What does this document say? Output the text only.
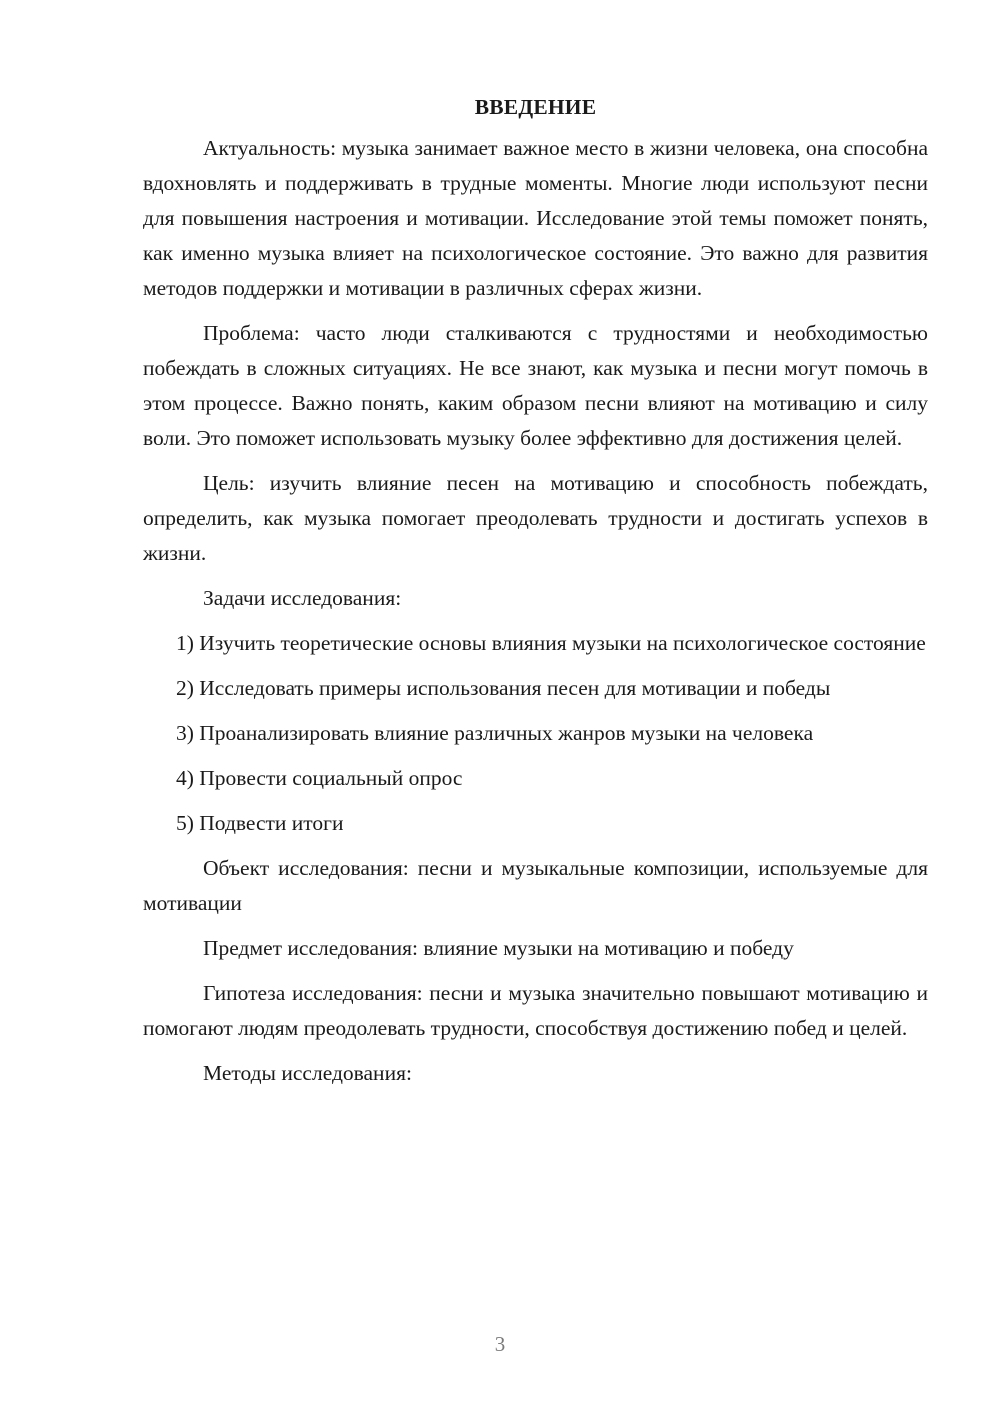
ВВЕДЕНИЕ

Актуальность: музыка занимает важное место в жизни человека, она способна вдохновлять и поддерживать в трудные моменты. Многие люди используют песни для повышения настроения и мотивации. Исследование этой темы поможет понять, как именно музыка влияет на психологическое состояние. Это важно для развития методов поддержки и мотивации в различных сферах жизни.

Проблема: часто люди сталкиваются с трудностями и необходимостью побеждать в сложных ситуациях. Не все знают, как музыка и песни могут помочь в этом процессе. Важно понять, каким образом песни влияют на мотивацию и силу воли. Это поможет использовать музыку более эффективно для достижения целей.

Цель: изучить влияние песен на мотивацию и способность побеждать, определить, как музыка помогает преодолевать трудности и достигать успехов в жизни.

Задачи исследования:

1) Изучить теоретические основы влияния музыки на психологическое состояние

2) Исследовать примеры использования песен для мотивации и победы

3) Проанализировать влияние различных жанров музыки на человека

4) Провести социальный опрос

5) Подвести итоги

Объект исследования: песни и музыкальные композиции, используемые для мотивации

Предмет исследования: влияние музыки на мотивацию и победу

Гипотеза исследования: песни и музыка значительно повышают мотивацию и помогают людям преодолевать трудности, способствуя достижению побед и целей.

Методы исследования:

3
